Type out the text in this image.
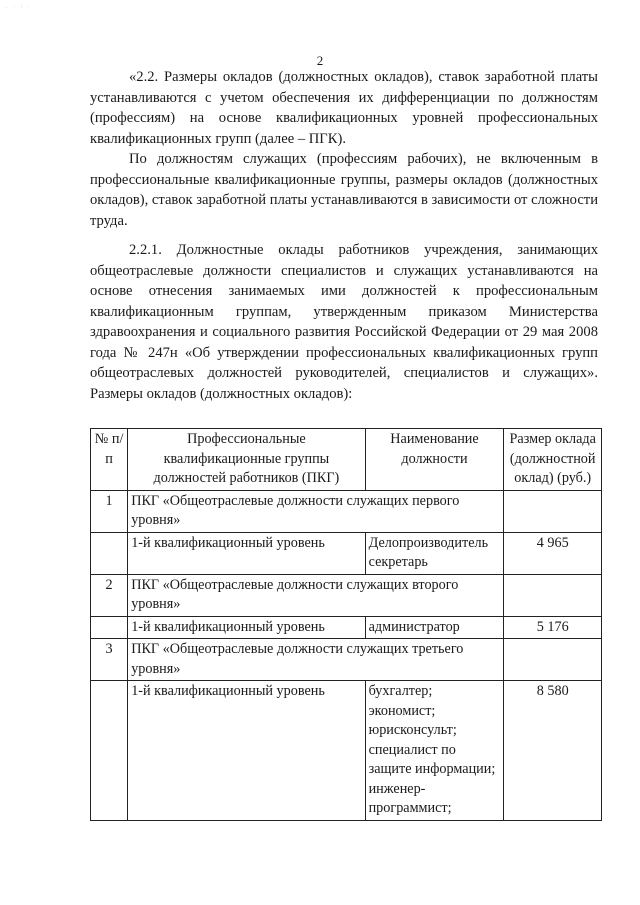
. · : ·
2

«2.2. Размеры окладов (должностных окладов), ставок заработной платы устанавливаются с учетом обеспечения их дифференциации по должностям (профессиям) на основе квалификационных уровней профессиональных квалификационных групп (далее – ПГК).

По должностям служащих (профессиям рабочих), не включенным в профессиональные квалификационные группы, размеры окладов (должностных окладов), ставок заработной платы устанавливаются в зависимости от сложности труда.

2.2.1. Должностные оклады работников учреждения, занимающих общеотраслевые должности специалистов и служащих устанавливаются на основе отнесения занимаемых ими должностей к профессиональным квалификационным группам, утвержденным приказом Министерства здравоохранения и социального развития Российской Федерации от 29 мая 2008 года № 247н «Об утверждении профессиональных квалификационных групп общеотраслевых должностей руководителей, специалистов и служащих». Размеры окладов (должностных окладов):

№ п/п	Профессиональные квалификационные группы должностей работников (ПКГ)	Наименование должности	Размер оклада (должностной оклад) (руб.)
1	ПКГ «Общеотраслевые должности служащих первого уровня»		
	1-й квалификационный уровень	Делопроизводитель секретарь	4 965
2	ПКГ «Общеотраслевые должности служащих второго уровня»		
	1-й квалификационный уровень	администратор	5 176
3	ПКГ «Общеотраслевые должности служащих третьего уровня»		
	1-й квалификационный уровень	бухгалтер; экономист; юрисконсульт; специалист по защите информации; инженер-программист;	8 580
